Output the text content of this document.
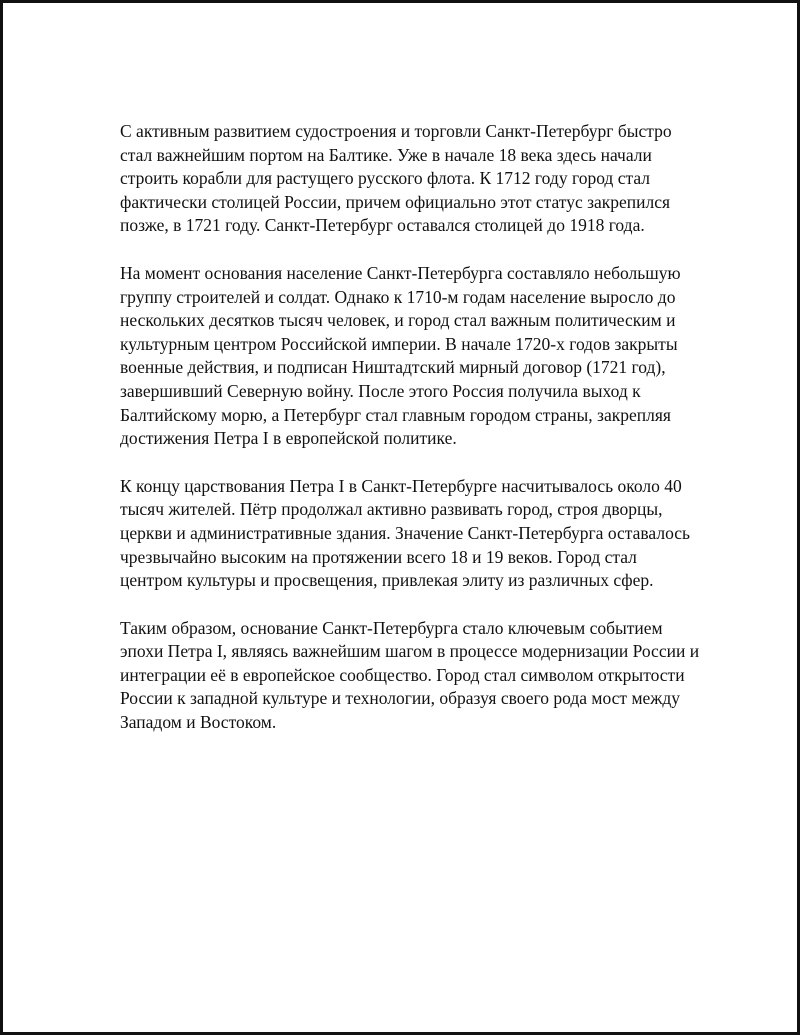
С активным развитием судостроения и торговли Санкт-Петербург быстро стал важнейшим портом на Балтике. Уже в начале 18 века здесь начали строить корабли для растущего русского флота. К 1712 году город стал фактически столицей России, причем официально этот статус закрепился позже, в 1721 году. Санкт-Петербург оставался столицей до 1918 года.

На момент основания население Санкт-Петербурга составляло небольшую группу строителей и солдат. Однако к 1710-м годам население выросло до нескольких десятков тысяч человек, и город стал важным политическим и культурным центром Российской империи. В начале 1720-х годов закрыты военные действия, и подписан Ништадтский мирный договор (1721 год), завершивший Северную войну. После этого Россия получила выход к Балтийскому морю, а Петербург стал главным городом страны, закрепляя достижения Петра I в европейской политике.

К концу царствования Петра I в Санкт-Петербурге насчитывалось около 40 тысяч жителей. Пётр продолжал активно развивать город, строя дворцы, церкви и административные здания. Значение Санкт-Петербурга оставалось чрезвычайно высоким на протяжении всего 18 и 19 веков. Город стал центром культуры и просвещения, привлекая элиту из различных сфер.

Таким образом, основание Санкт-Петербурга стало ключевым событием эпохи Петра I, являясь важнейшим шагом в процессе модернизации России и интеграции её в европейское сообщество. Город стал символом открытости России к западной культуре и технологии, образуя своего рода мост между Западом и Востоком.
